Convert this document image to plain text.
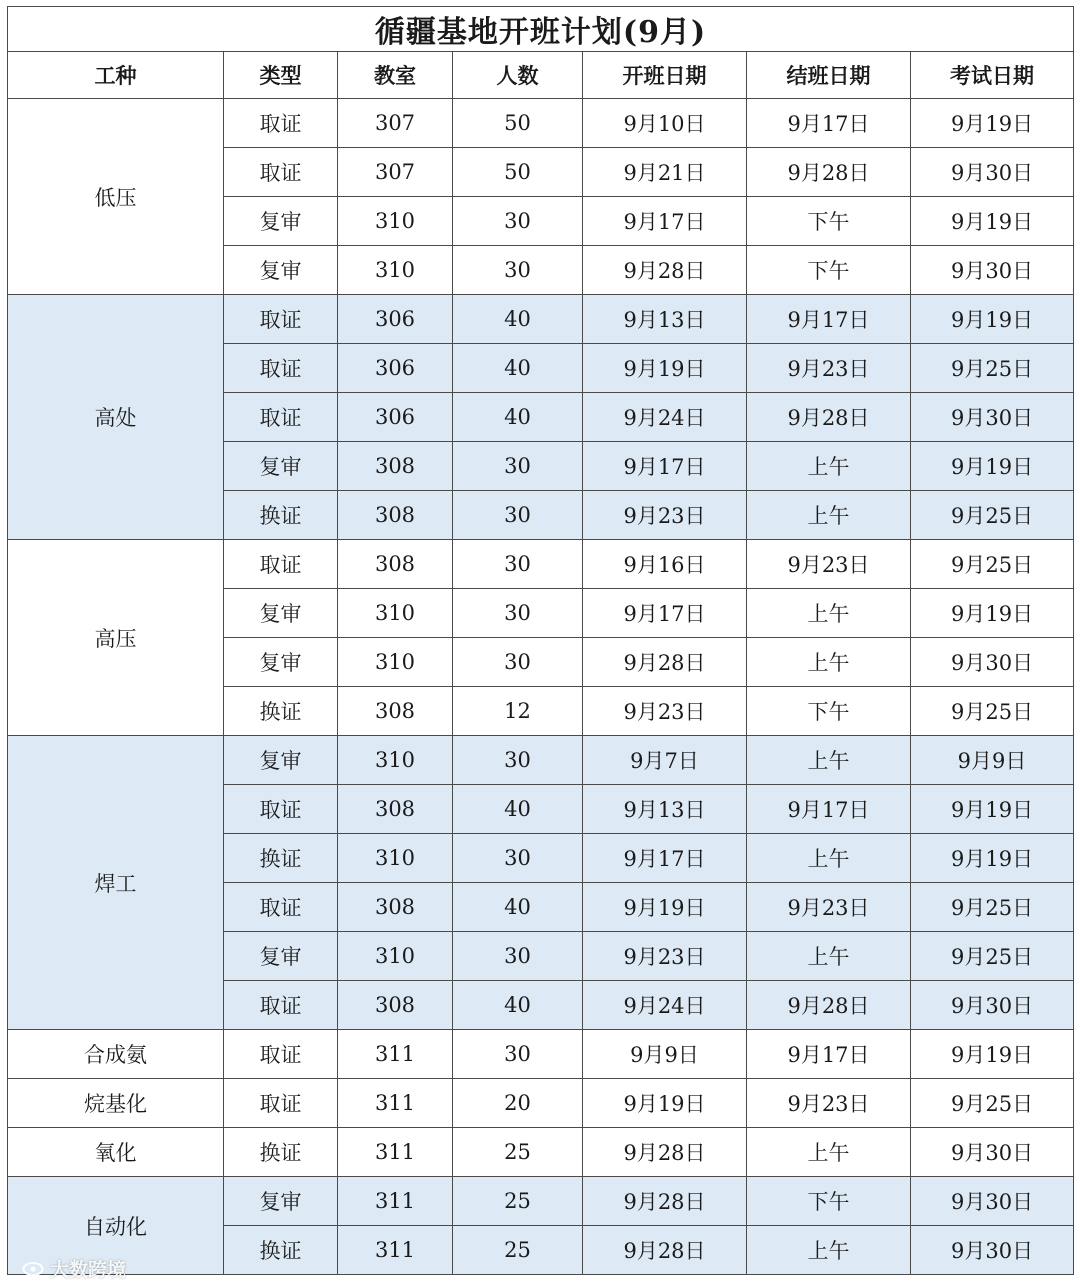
循疆基地开班计划(9月)						
工种	类型	教室	人数	开班日期	结班日期	考试日期
低压	取证	307	50	9月10日	9月17日	9月19日
	取证	307	50	9月21日	9月28日	9月30日
	复审	310	30	9月17日	下午	9月19日
	复审	310	30	9月28日	下午	9月30日
高处	取证	306	40	9月13日	9月17日	9月19日
	取证	306	40	9月19日	9月23日	9月25日
	取证	306	40	9月24日	9月28日	9月30日
	复审	308	30	9月17日	上午	9月19日
	换证	308	30	9月23日	上午	9月25日
高压	取证	308	30	9月16日	9月23日	9月25日
	复审	310	30	9月17日	上午	9月19日
	复审	310	30	9月28日	上午	9月30日
	换证	308	12	9月23日	下午	9月25日
焊工	复审	310	30	9月7日	上午	9月9日
	取证	308	40	9月13日	9月17日	9月19日
	换证	310	30	9月17日	上午	9月19日
	取证	308	40	9月19日	9月23日	9月25日
	复审	310	30	9月23日	上午	9月25日
	取证	308	40	9月24日	9月28日	9月30日
合成氨	取证	311	30	9月9日	9月17日	9月19日
烷基化	取证	311	20	9月19日	9月23日	9月25日
氧化	换证	311	25	9月28日	上午	9月30日
自动化	复审	311	25	9月28日	下午	9月30日
	换证	311	25	9月28日	上午	9月30日
大数跨境
